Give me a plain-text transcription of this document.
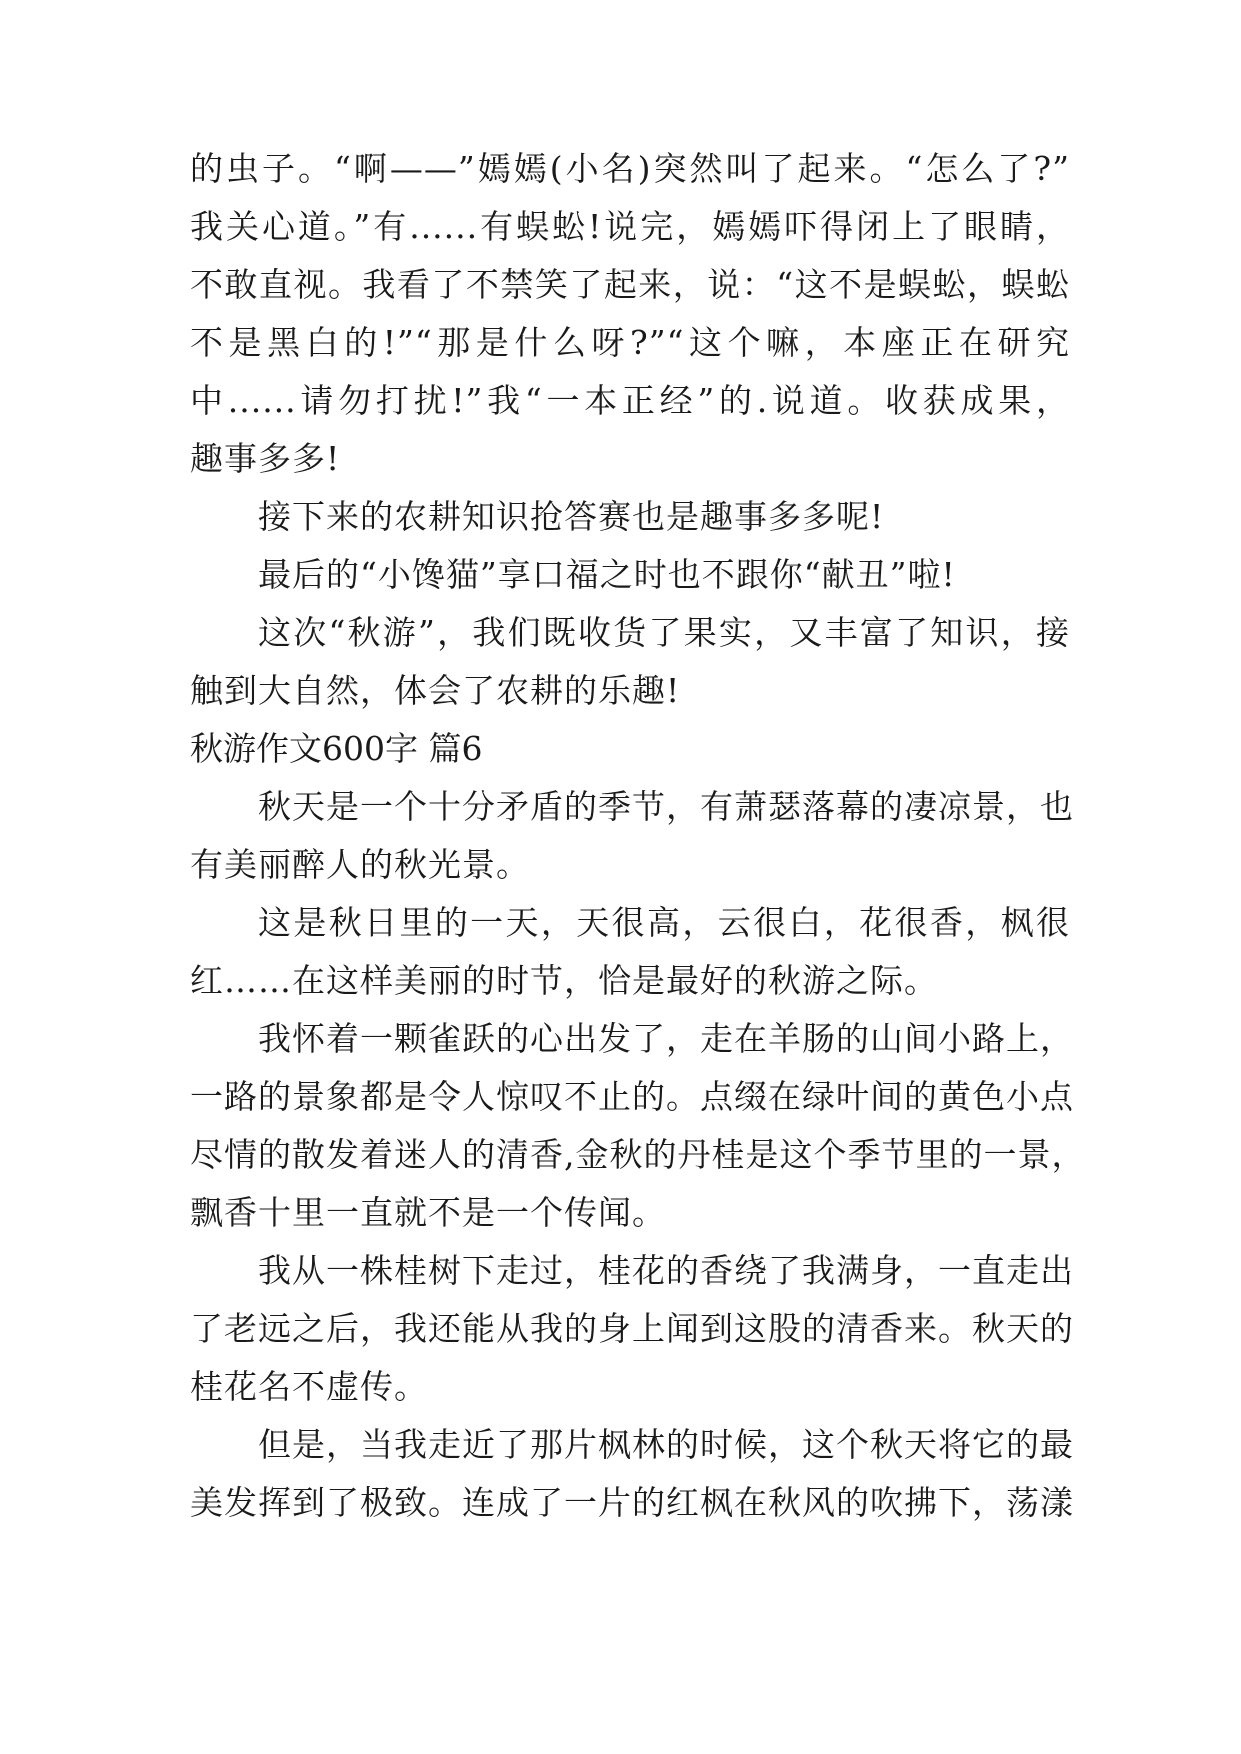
的虫子。“啊——”嫣嫣(小名)突然叫了起来。“怎么了?”
我关心道。”有......有蜈蚣!说完，嫣嫣吓得闭上了眼睛，
不敢直视。我看了不禁笑了起来，说：“这不是蜈蚣，蜈蚣
不是黑白的!”“那是什么呀?”“这个嘛，本座正在研究
中......请勿打扰!”我“一本正经”的.说道。收获成果，
趣事多多!
接下来的农耕知识抢答赛也是趣事多多呢!
最后的“小馋猫”享口福之时也不跟你“献丑”啦!
这次“秋游”，我们既收货了果实，又丰富了知识，接
触到大自然，体会了农耕的乐趣!
秋游作文600字 篇6
秋天是一个十分矛盾的季节，有萧瑟落幕的凄凉景，也
有美丽醉人的秋光景。
这是秋日里的一天，天很高，云很白，花很香，枫很
红……在这样美丽的时节，恰是最好的秋游之际。
我怀着一颗雀跃的心出发了，走在羊肠的山间小路上，
一路的景象都是令人惊叹不止的。点缀在绿叶间的黄色小点
尽情的散发着迷人的清香,金秋的丹桂是这个季节里的一景，
飘香十里一直就不是一个传闻。
我从一株桂树下走过，桂花的香绕了我满身，一直走出
了老远之后，我还能从我的身上闻到这股的清香来。秋天的
桂花名不虚传。
但是，当我走近了那片枫林的时候，这个秋天将它的最
美发挥到了极致。连成了一片的红枫在秋风的吹拂下，荡漾
